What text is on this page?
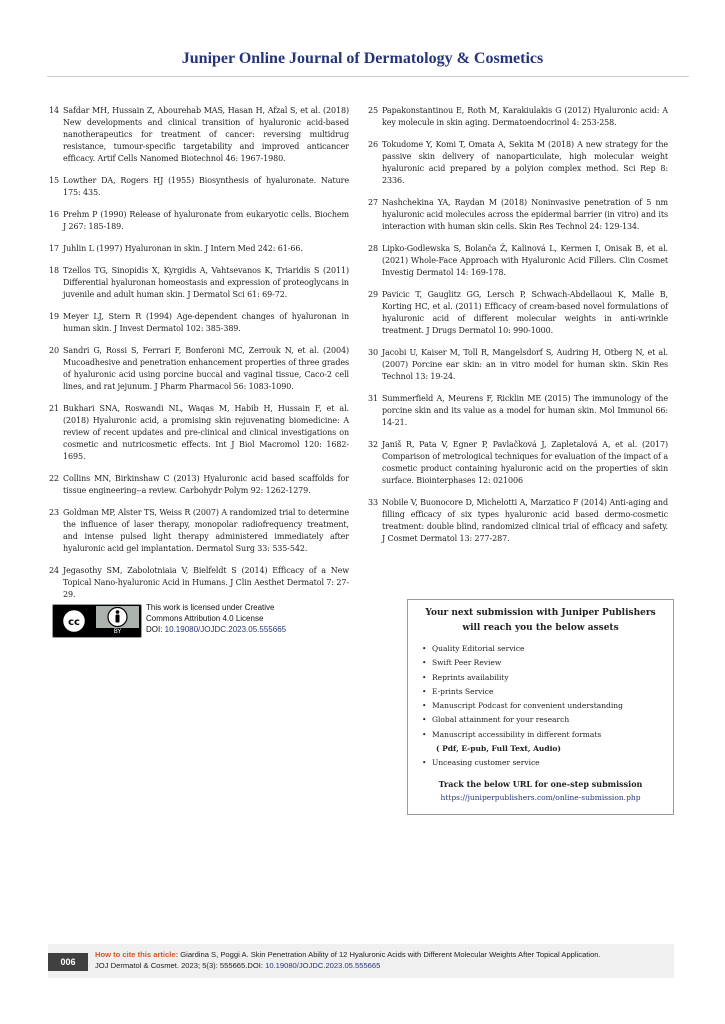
Juniper Online Journal of Dermatology & Cosmetics

14 Safdar MH, Hussain Z, Abourehab MAS, Hasan H, Afzal S, et al. (2018) New developments and clinical transition of hyaluronic acid-based nanotherapeutics for treatment of cancer: reversing multidrug resistance, tumour-specific targetability and improved anticancer efficacy. Artif Cells Nanomed Biotechnol 46: 1967-1980.

15 Lowther DA, Rogers HJ (1955) Biosynthesis of hyaluronate. Nature 175: 435.

16 Prehm P (1990) Release of hyaluronate from eukaryotic cells. Biochem J 267: 185-189.

17 Juhlin L (1997) Hyaluronan in skin. J Intern Med 242: 61-66.

18 Tzellos TG, Sinopidis X, Kyrgidis A, Vahtsevanos K, Triaridis S (2011) Differential hyaluronan homeostasis and expression of proteoglycans in juvenile and adult human skin. J Dermatol Sci 61: 69-72.

19 Meyer LJ, Stern R (1994) Age-dependent changes of hyaluronan in human skin. J Invest Dermatol 102: 385-389.

20 Sandri G, Rossi S, Ferrari F, Bonferoni MC, Zerrouk N, et al. (2004) Mucoadhesive and penetration enhancement properties of three grades of hyaluronic acid using porcine buccal and vaginal tissue, Caco-2 cell lines, and rat jejunum. J Pharm Pharmacol 56: 1083-1090.

21 Bukhari SNA, Roswandi NL, Waqas M, Habib H, Hussain F, et al. (2018) Hyaluronic acid, a promising skin rejuvenating biomedicine: A review of recent updates and pre-clinical and clinical investigations on cosmetic and nutricosmetic effects. Int J Biol Macromol 120: 1682-1695.

22 Collins MN, Birkinshaw C (2013) Hyaluronic acid based scaffolds for tissue engineering--a review. Carbohydr Polym 92: 1262-1279.

23 Goldman MP, Alster TS, Weiss R (2007) A randomized trial to determine the influence of laser therapy, monopolar radiofrequency treatment, and intense pulsed light therapy administered immediately after hyaluronic acid gel implantation. Dermatol Surg 33: 535-542.

24 Jegasothy SM, Zabolotniaia V, Bielfeldt S (2014) Efficacy of a New Topical Nano-hyaluronic Acid in Humans. J Clin Aesthet Dermatol 7: 27-29.

25 Papakonstantinou E, Roth M, Karakiulakis G (2012) Hyaluronic acid: A key molecule in skin aging. Dermatoendocrinol 4: 253-258.

26 Tokudome Y, Komi T, Omata A, Sekita M (2018) A new strategy for the passive skin delivery of nanoparticulate, high molecular weight hyaluronic acid prepared by a polyion complex method. Sci Rep 8: 2336.

27 Nashchekina YA, Raydan M (2018) Noninvasive penetration of 5 nm hyaluronic acid molecules across the epidermal barrier (in vitro) and its interaction with human skin cells. Skin Res Technol 24: 129-134.

28 Lipko-Godlewska S, Bolanča Ž, Kalinová L, Kermen I, Onisak B, et al. (2021) Whole-Face Approach with Hyaluronic Acid Fillers. Clin Cosmet Investig Dermatol 14: 169-178.

29 Pavicic T, Gauglitz GG, Lersch P, Schwach-Abdellaoui K, Malle B, Korting HC, et al. (2011) Efficacy of cream-based novel formulations of hyaluronic acid of different molecular weights in anti-wrinkle treatment. J Drugs Dermatol 10: 990-1000.

30 Jacobi U, Kaiser M, Toll R, Mangelsdorf S, Audring H, Otberg N, et al. (2007) Porcine ear skin: an in vitro model for human skin. Skin Res Technol 13: 19-24.

31 Summerfield A, Meurens F, Ricklin ME (2015) The immunology of the porcine skin and its value as a model for human skin. Mol Immunol 66: 14-21.

32 Janiš R, Pata V, Egner P, Pavlačková J, Zapletalová A, et al. (2017) Comparison of metrological techniques for evaluation of the impact of a cosmetic product containing hyaluronic acid on the properties of skin surface. Biointerphases 12: 021006

33 Nobile V, Buonocore D, Michelotti A, Marzatico F (2014) Anti-aging and filling efficacy of six types hyaluronic acid based dermo-cosmetic treatment: double blind, randomized clinical trial of efficacy and safety. J Cosmet Dermatol 13: 277-287.

cc
BY
This work is licensed under Creative
Commons Attribution 4.0 License
DOI: 10.19080/JOJDC.2023.05.555665
Your next submission with Juniper Publishers
will reach you the below assets
• Quality Editorial service
• Swift Peer Review
• Reprints availability
• E-prints Service
• Manuscript Podcast for convenient understanding
• Global attainment for your research
• Manuscript accessibility in different formats
( Pdf, E-pub, Full Text, Audio)
• Unceasing customer service
Track the below URL for one-step submission
https://juniperpublishers.com/online-submission.php
006
How to cite this article: Giardina S, Poggi A. Skin Penetration Ability of 12 Hyaluronic Acids with Different Molecular Weights After Topical Application.
JOJ Dermatol & Cosmet. 2023; 5(3): 555665.DOI: 10.19080/JOJDC.2023.05.555665
